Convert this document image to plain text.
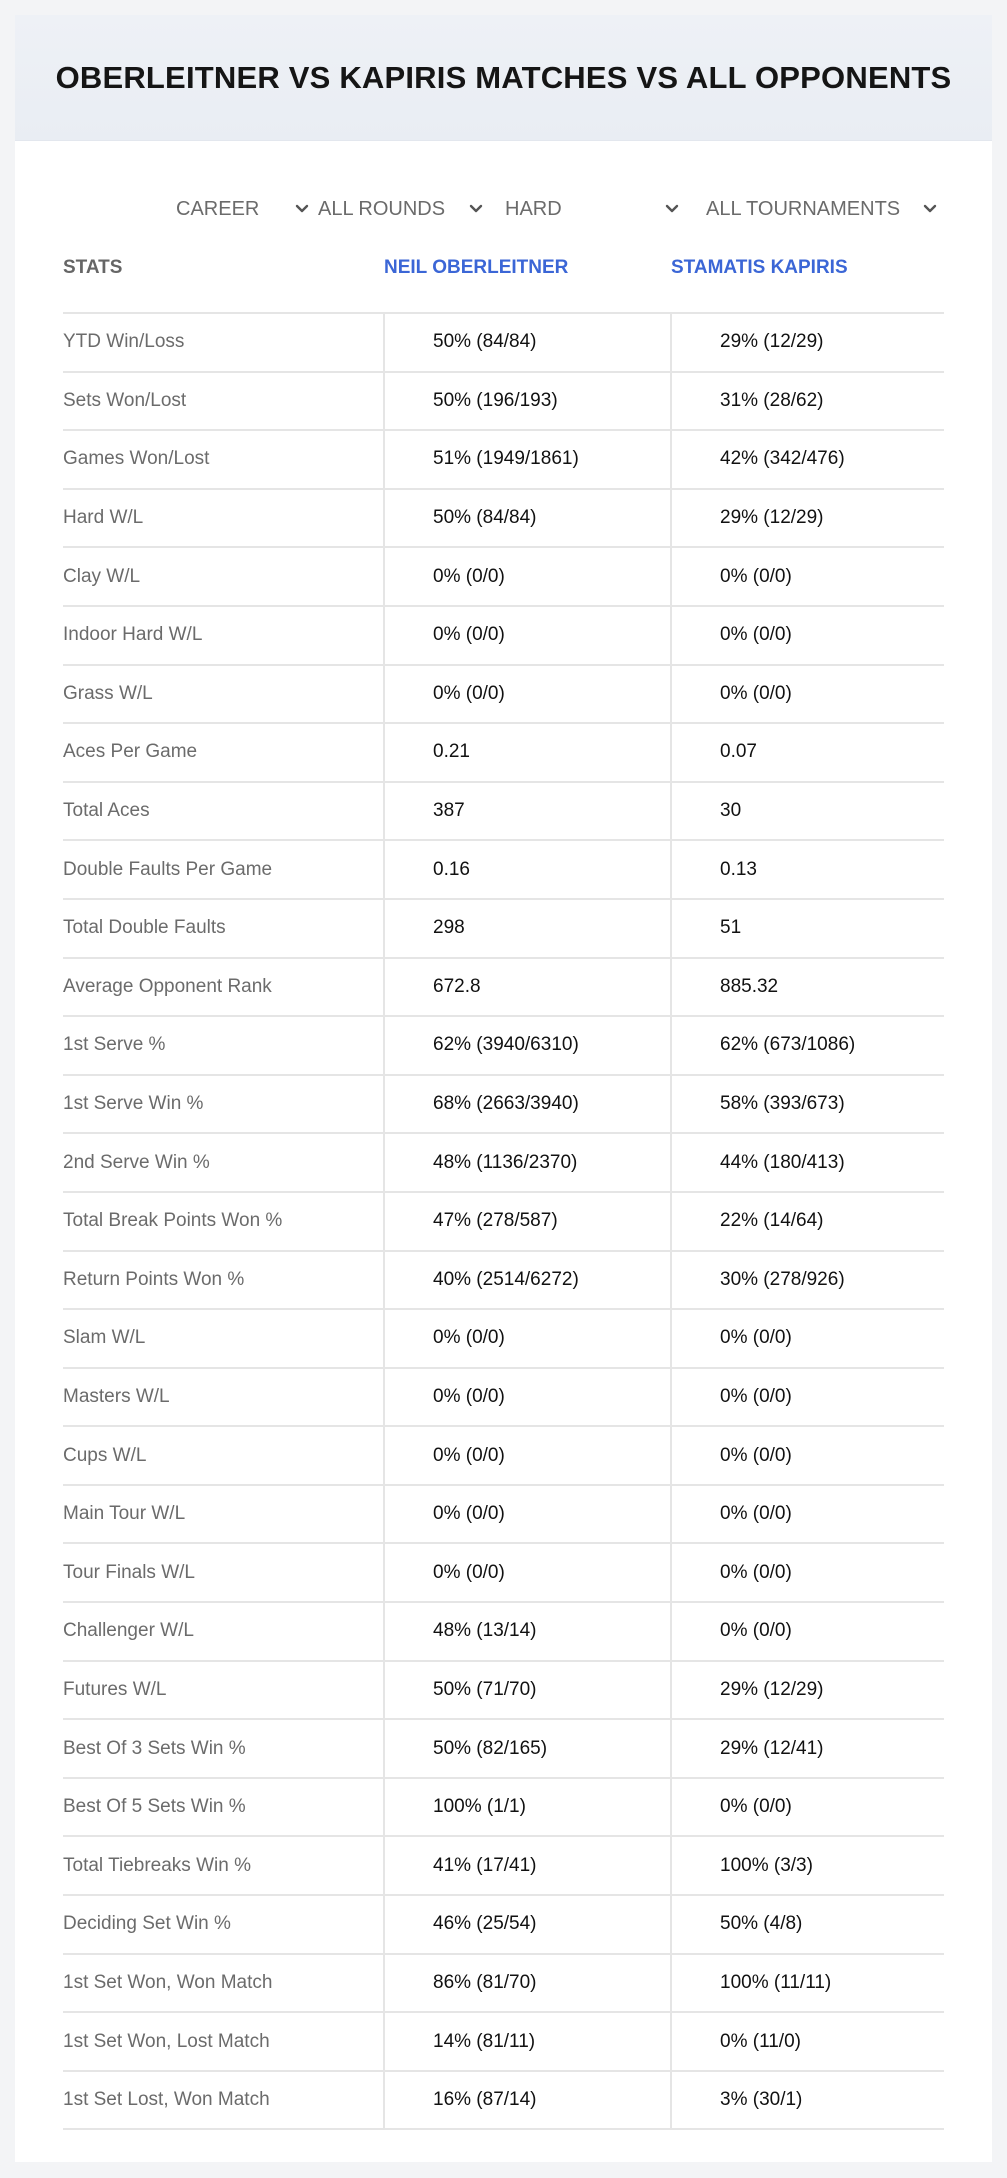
OBERLEITNER VS KAPIRIS MATCHES VS ALL OPPONENTS
CAREER	ALL ROUNDS	HARD	ALL TOURNAMENTS
STATS	NEIL OBERLEITNER	STAMATIS KAPIRIS
YTD Win/Loss	50% (84/84)	29% (12/29)
Sets Won/Lost	50% (196/193)	31% (28/62)
Games Won/Lost	51% (1949/1861)	42% (342/476)
Hard W/L	50% (84/84)	29% (12/29)
Clay W/L	0% (0/0)	0% (0/0)
Indoor Hard W/L	0% (0/0)	0% (0/0)
Grass W/L	0% (0/0)	0% (0/0)
Aces Per Game	0.21	0.07
Total Aces	387	30
Double Faults Per Game	0.16	0.13
Total Double Faults	298	51
Average Opponent Rank	672.8	885.32
1st Serve %	62% (3940/6310)	62% (673/1086)
1st Serve Win %	68% (2663/3940)	58% (393/673)
2nd Serve Win %	48% (1136/2370)	44% (180/413)
Total Break Points Won %	47% (278/587)	22% (14/64)
Return Points Won %	40% (2514/6272)	30% (278/926)
Slam W/L	0% (0/0)	0% (0/0)
Masters W/L	0% (0/0)	0% (0/0)
Cups W/L	0% (0/0)	0% (0/0)
Main Tour W/L	0% (0/0)	0% (0/0)
Tour Finals W/L	0% (0/0)	0% (0/0)
Challenger W/L	48% (13/14)	0% (0/0)
Futures W/L	50% (71/70)	29% (12/29)
Best Of 3 Sets Win %	50% (82/165)	29% (12/41)
Best Of 5 Sets Win %	100% (1/1)	0% (0/0)
Total Tiebreaks Win %	41% (17/41)	100% (3/3)
Deciding Set Win %	46% (25/54)	50% (4/8)
1st Set Won, Won Match	86% (81/70)	100% (11/11)
1st Set Won, Lost Match	14% (81/11)	0% (11/0)
1st Set Lost, Won Match	16% (87/14)	3% (30/1)
